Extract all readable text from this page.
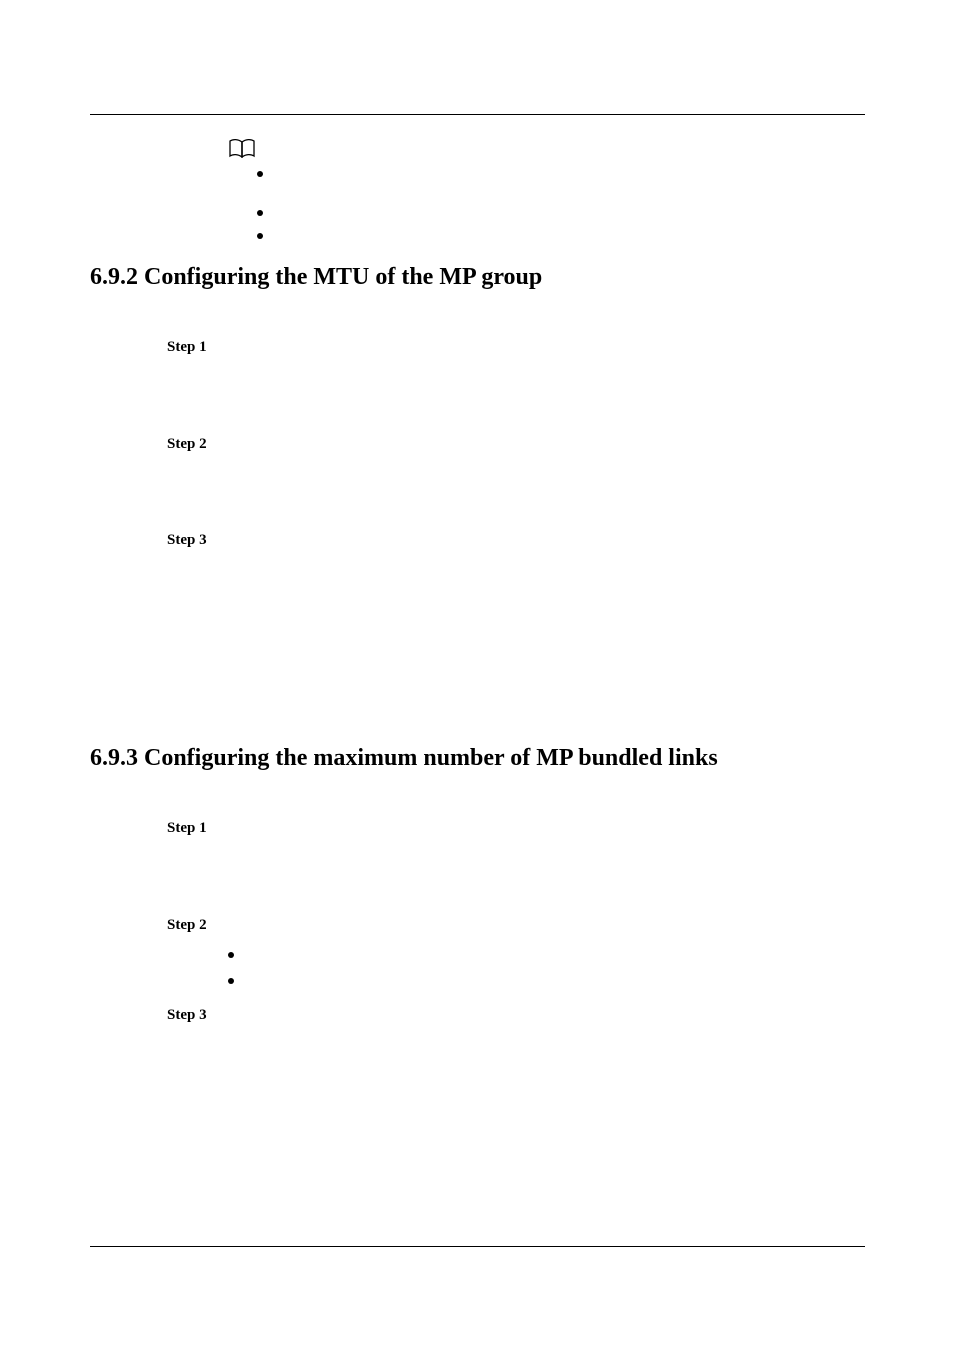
6.9.2 Configuring the MTU of the MP group

Step 1

Step 2

Step 3

6.9.3 Configuring the maximum number of MP bundled links

Step 1

Step 2

Step 3
